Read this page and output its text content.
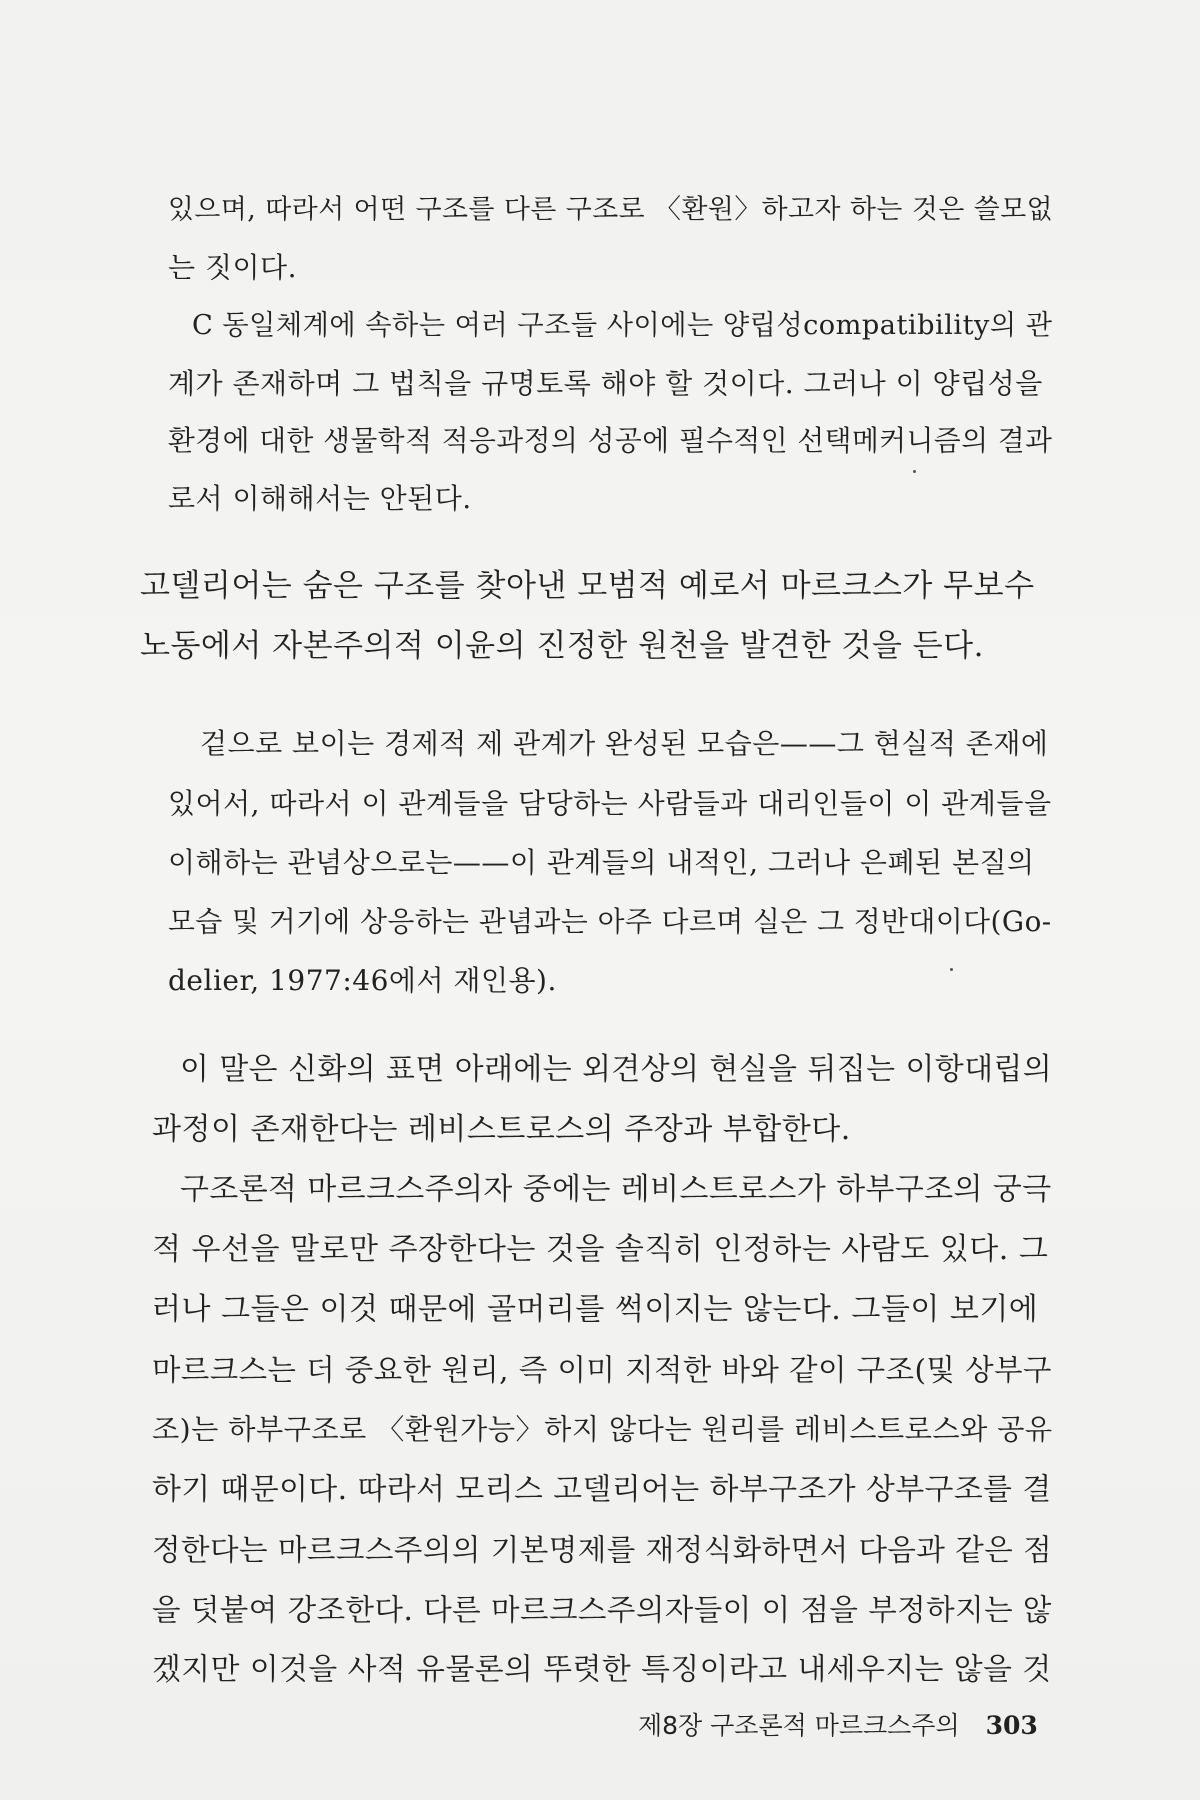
있으며, 따라서 어떤 구조를 다른 구조로 〈환원〉하고자 하는 것은 쓸모없

는 짓이다.

C 동일체계에 속하는 여러 구조들 사이에는 양립성compatibility의 관

계가 존재하며 그 법칙을 규명토록 해야 할 것이다. 그러나 이 양립성을

환경에 대한 생물학적 적응과정의 성공에 필수적인 선택메커니즘의 결과

로서 이해해서는 안된다.

고델리어는 숨은 구조를 찾아낸 모범적 예로서 마르크스가 무보수

노동에서 자본주의적 이윤의 진정한 원천을 발견한 것을 든다.

겉으로 보이는 경제적 제 관계가 완성된 모습은——그 현실적 존재에

있어서, 따라서 이 관계들을 담당하는 사람들과 대리인들이 이 관계들을

이해하는 관념상으로는——이 관계들의 내적인, 그러나 은폐된 본질의

모습 및 거기에 상응하는 관념과는 아주 다르며 실은 그 정반대이다(Go-

delier, 1977:46에서 재인용).

이 말은 신화의 표면 아래에는 외견상의 현실을 뒤집는 이항대립의

과정이 존재한다는 레비스트로스의 주장과 부합한다.

구조론적 마르크스주의자 중에는 레비스트로스가 하부구조의 궁극

적 우선을 말로만 주장한다는 것을 솔직히 인정하는 사람도 있다. 그

러나 그들은 이것 때문에 골머리를 썩이지는 않는다. 그들이 보기에

마르크스는 더 중요한 원리, 즉 이미 지적한 바와 같이 구조(및 상부구

조)는 하부구조로 〈환원가능〉하지 않다는 원리를 레비스트로스와 공유

하기 때문이다. 따라서 모리스 고델리어는 하부구조가 상부구조를 결

정한다는 마르크스주의의 기본명제를 재정식화하면서 다음과 같은 점

을 덧붙여 강조한다. 다른 마르크스주의자들이 이 점을 부정하지는 않

겠지만 이것을 사적 유물론의 뚜렷한 특징이라고 내세우지는 않을 것

제8장 구조론적 마르크스주의 303
